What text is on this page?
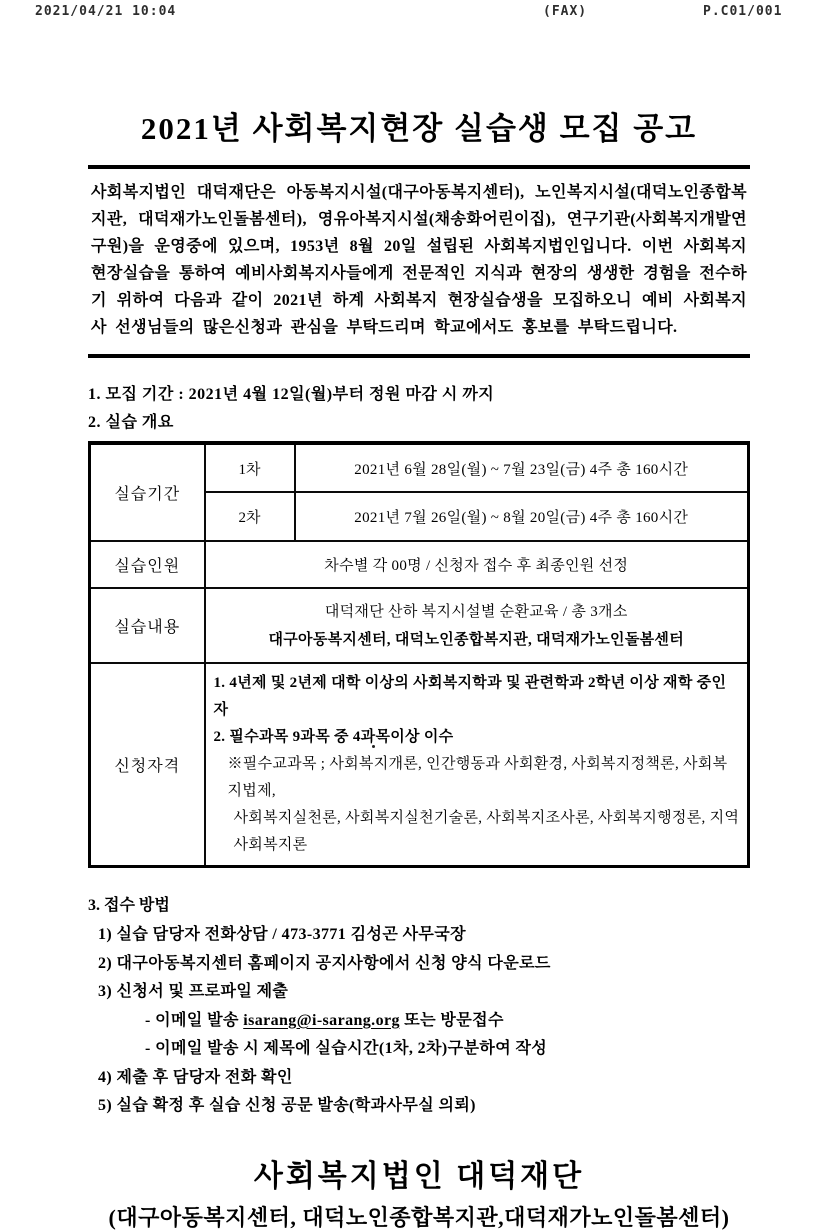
2021/04/21 10:04	(FAX)	P.C01/001
2021년 사회복지현장 실습생 모집 공고
사회복지법인 대덕재단은 아동복지시설(대구아동복지센터), 노인복지시설(대덕노인종합복지관, 대덕재가노인돌봄센터), 영유아복지시설(채송화어린이집), 연구기관(사회복지개발연구원)을 운영중에 있으며, 1953년 8월 20일 설립된 사회복지법인입니다. 이번 사회복지현장실습을 통하여 예비사회복지사들에게 전문적인 지식과 현장의 생생한 경험을 전수하기 위하여 다음과 같이 2021년 하계 사회복지 현장실습생을 모집하오니 예비 사회복지사 선생님들의 많은신청과 관심을 부탁드리며 학교에서도 홍보를 부탁드립니다.

1. 모집 기간 : 2021년 4월 12일(월)부터 정원 마감 시 까지

2. 실습 개요

실습기간	1차	2021년 6월 28일(월) ~ 7월 23일(금) 4주 총 160시간
	2차	2021년 7월 26일(월) ~ 8월 20일(금) 4주 총 160시간
실습인원	차수별 각 00명 / 신청자 접수 후 최종인원 선정	
실습내용	대덕재단 산하 복지시설별 순환교육 / 총 3개소
대구아동복지센터, 대덕노인종합복지관, 대덕재가노인돌봄센터	

신청자격	1. 4년제 및 2년제 대학 이상의 사회복지학과 및 관련학과 2학년 이상 재학 중인 자
2. 필수과목 9과목 중 4과목이상 이수
※필수교과목 ; 사회복지개론, 인간행동과 사회환경, 사회복지정책론, 사회복지법제,
사회복지실천론, 사회복지실천기술론, 사회복지조사론, 사회복지행정론, 지역사회복지론	

3. 접수 방법

1) 실습 담당자 전화상담 / 473-3771 김성곤 사무국장
2) 대구아동복지센터 홈페이지 공지사항에서 신청 양식 다운로드
3) 신청서 및 프로파일 제출
- 이메일 발송 isarang@i-sarang.org 또는 방문접수
- 이메일 발송 시 제목에 실습시간(1차, 2차)구분하여 작성
4) 제출 후 담당자 전화 확인
5) 실습 확정 후 실습 신청 공문 발송(학과사무실 의뢰)
사회복지법인 대덕재단
(대구아동복지센터, 대덕노인종합복지관,대덕재가노인돌봄센터)
